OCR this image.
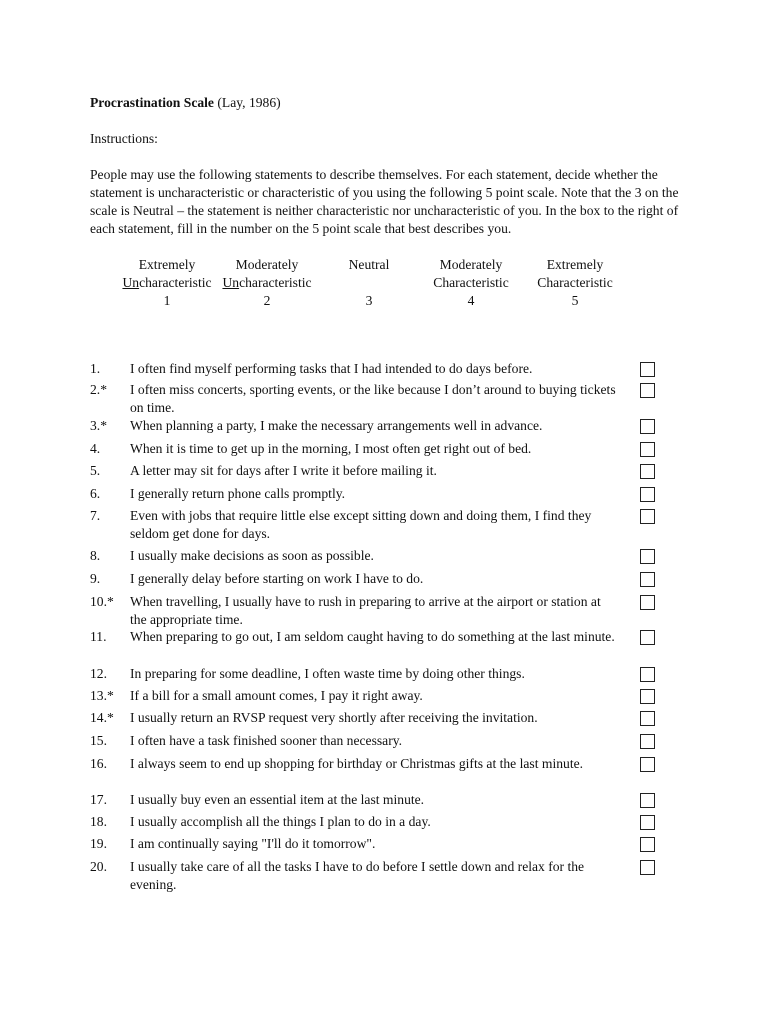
Procrastination Scale (Lay, 1986)
Instructions:
People may use the following statements to describe themselves. For each statement, decide whether the statement is uncharacteristic or characteristic of you using the following 5 point scale. Note that the 3 on the scale is Neutral – the statement is neither characteristic nor uncharacteristic of you. In the box to the right of each statement, fill in the number on the 5 point scale that best describes you.
Extremely
Uncharacteristic
1
Moderately
Uncharacteristic
2
Neutral
3
Moderately
Characteristic
4
Extremely
Characteristic
5
1.	I often find myself performing tasks that I had intended to do days before.
2.*	I often miss concerts, sporting events, or the like because I don’t around to buying tickets on time.
3.*	When planning a party, I make the necessary arrangements well in advance.
4.	When it is time to get up in the morning, I most often get right out of bed.
5.	A letter may sit for days after I write it before mailing it.
6.	I generally return phone calls promptly.
7.	Even with jobs that require little else except sitting down and doing them, I find they seldom get done for days.
8.	I usually make decisions as soon as possible.
9.	I generally delay before starting on work I have to do.
10.*	When travelling, I usually have to rush in preparing to arrive at the airport or station at the appropriate time.
11.	When preparing to go out, I am seldom caught having to do something at the last minute.
12.	In preparing for some deadline, I often waste time by doing other things.
13.*	If a bill for a small amount comes, I pay it right away.
14.*	I usually return an RVSP request very shortly after receiving the invitation.
15.	I often have a task finished sooner than necessary.
16.	I always seem to end up shopping for birthday or Christmas gifts at the last minute.
17.	I usually buy even an essential item at the last minute.
18.	I usually accomplish all the things I plan to do in a day.
19.	I am continually saying "I'll do it tomorrow".
20.	I usually take care of all the tasks I have to do before I settle down and relax for the evening.
